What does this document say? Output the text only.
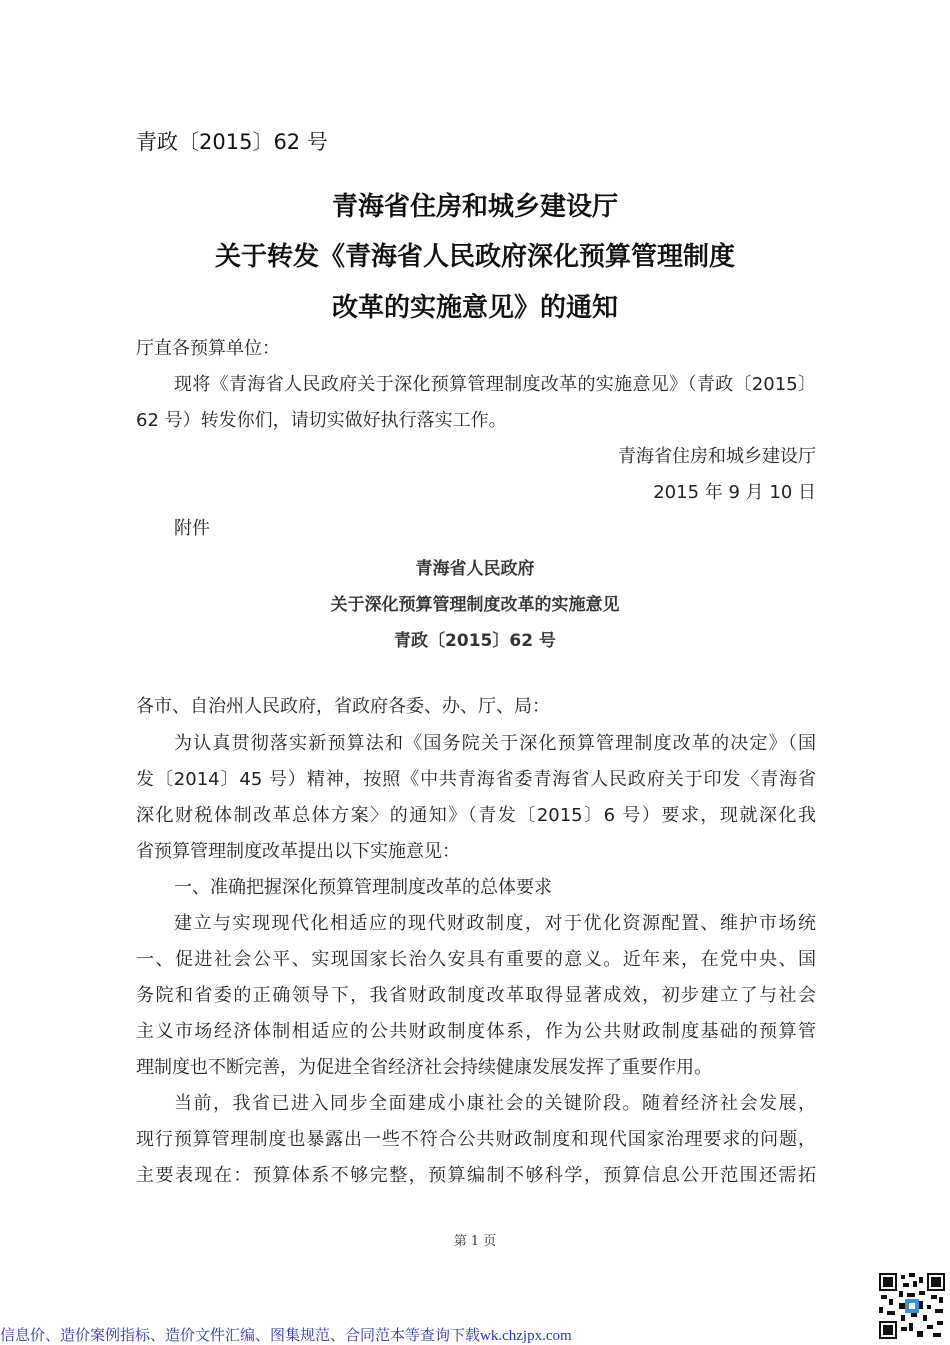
青政〔2015〕62 号
青海省住房和城乡建设厅
关于转发《青海省人民政府深化预算管理制度
改革的实施意见》的通知
厅直各预算单位：
现将《青海省人民政府关于深化预算管理制度改革的实施意见》（青政〔2015〕
62 号）转发你们，请切实做好执行落实工作。
青海省住房和城乡建设厅
2015 年 9 月 10 日
附件
青海省人民政府
关于深化预算管理制度改革的实施意见
青政〔2015〕62 号
各市、自治州人民政府，省政府各委、办、厅、局：
为认真贯彻落实新预算法和《国务院关于深化预算管理制度改革的决定》（国
发〔2014〕45 号）精神，按照《中共青海省委青海省人民政府关于印发〈青海省
深化财税体制改革总体方案〉的通知》（青发〔2015〕6 号）要求，现就深化我
省预算管理制度改革提出以下实施意见：
一、准确把握深化预算管理制度改革的总体要求
建立与实现现代化相适应的现代财政制度，对于优化资源配置、维护市场统
一、促进社会公平、实现国家长治久安具有重要的意义。近年来，在党中央、国
务院和省委的正确领导下，我省财政制度改革取得显著成效，初步建立了与社会
主义市场经济体制相适应的公共财政制度体系，作为公共财政制度基础的预算管
理制度也不断完善，为促进全省经济社会持续健康发展发挥了重要作用。
当前，我省已进入同步全面建成小康社会的关键阶段。随着经济社会发展，
现行预算管理制度也暴露出一些不符合公共财政制度和现代国家治理要求的问题，
主要表现在：预算体系不够完整，预算编制不够科学，预算信息公开范围还需拓
第 1 页
信息价、造价案例指标、造价文件汇编、图集规范、合同范本等查询下载wk.chzjpx.com
